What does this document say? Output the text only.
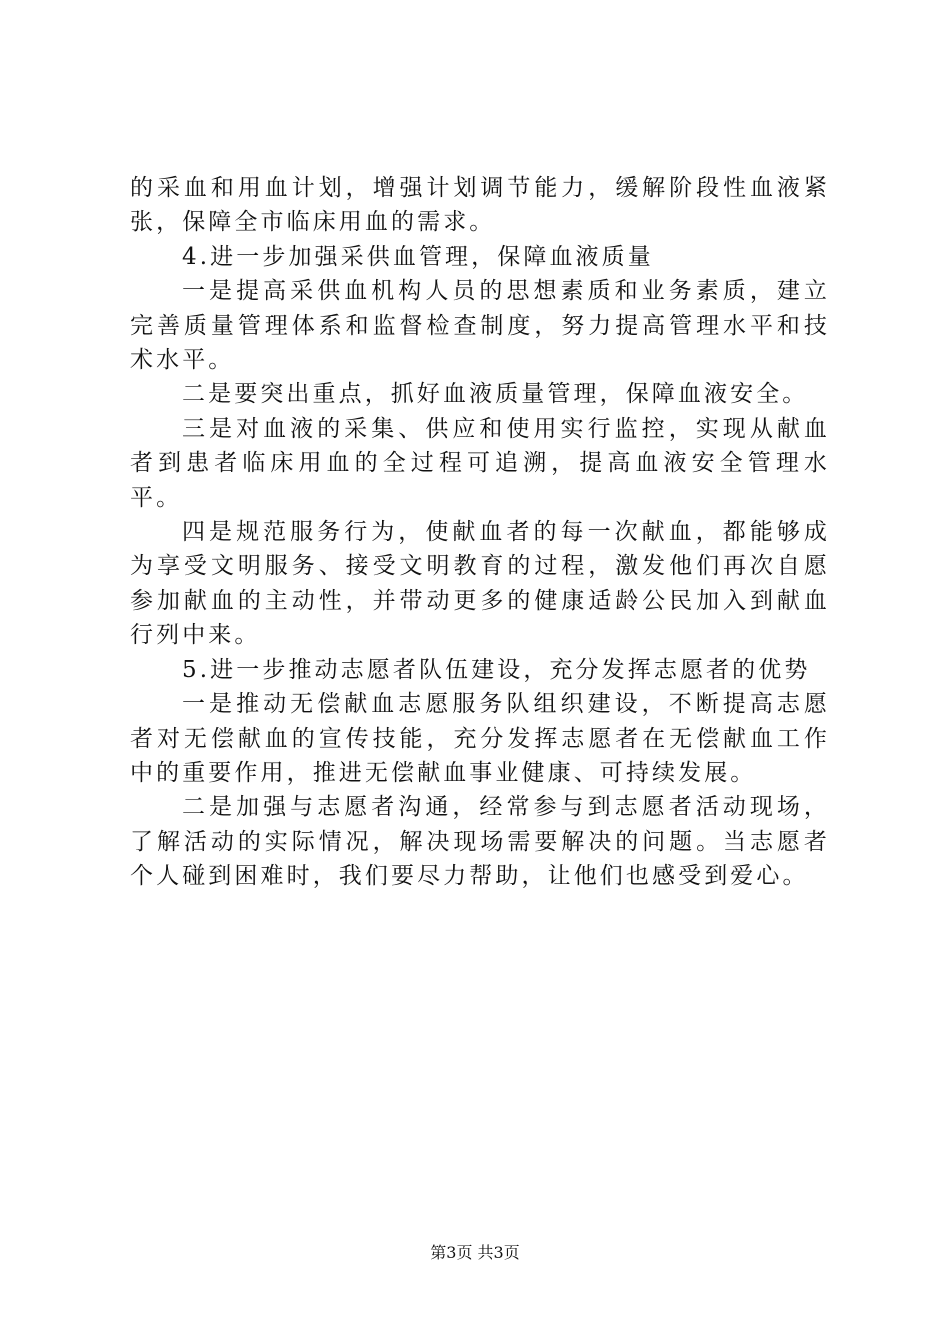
的采血和用血计划，增强计划调节能力，缓解阶段性血液紧张，保障全市临床用血的需求。

4.进一步加强采供血管理，保障血液质量

一是提高采供血机构人员的思想素质和业务素质，建立完善质量管理体系和监督检查制度，努力提高管理水平和技术水平。

二是要突出重点，抓好血液质量管理，保障血液安全。

三是对血液的采集、供应和使用实行监控，实现从献血者到患者临床用血的全过程可追溯，提高血液安全管理水平。

四是规范服务行为，使献血者的每一次献血，都能够成为享受文明服务、接受文明教育的过程，激发他们再次自愿参加献血的主动性，并带动更多的健康适龄公民加入到献血行列中来。

5.进一步推动志愿者队伍建设，充分发挥志愿者的优势

一是推动无偿献血志愿服务队组织建设，不断提高志愿者对无偿献血的宣传技能，充分发挥志愿者在无偿献血工作中的重要作用，推进无偿献血事业健康、可持续发展。

二是加强与志愿者沟通，经常参与到志愿者活动现场，了解活动的实际情况，解决现场需要解决的问题。当志愿者个人碰到困难时，我们要尽力帮助，让他们也感受到爱心。

第3页 共3页
